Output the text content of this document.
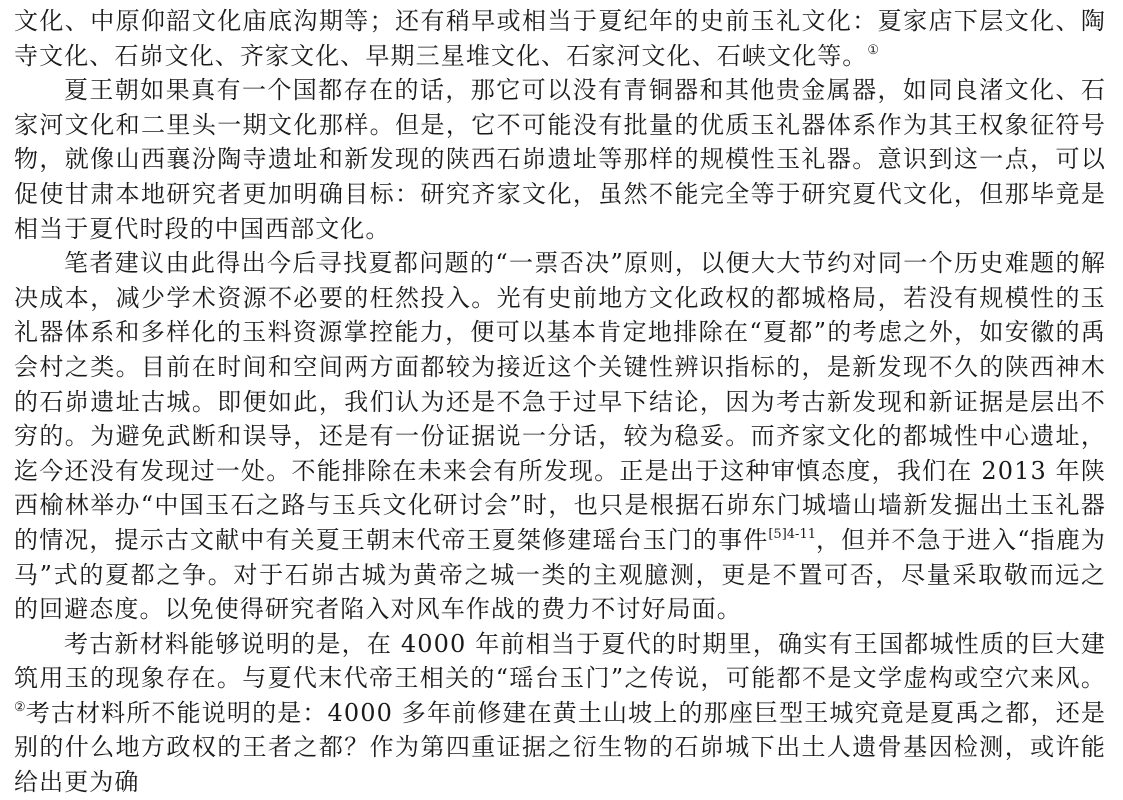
文化、中原仰韶文化庙底沟期等；还有稍早或相当于夏纪年的史前玉礼文化：夏家店下层文化、陶寺文化、石峁文化、齐家文化、早期三星堆文化、石家河文化、石峡文化等。①

夏王朝如果真有一个国都存在的话，那它可以没有青铜器和其他贵金属器，如同良渚文化、石家河文化和二里头一期文化那样。但是，它不可能没有批量的优质玉礼器体系作为其王权象征符号物，就像山西襄汾陶寺遗址和新发现的陕西石峁遗址等那样的规模性玉礼器。意识到这一点，可以促使甘肃本地研究者更加明确目标：研究齐家文化，虽然不能完全等于研究夏代文化，但那毕竟是相当于夏代时段的中国西部文化。

笔者建议由此得出今后寻找夏都问题的“一票否决”原则，以便大大节约对同一个历史难题的解决成本，减少学术资源不必要的枉然投入。光有史前地方文化政权的都城格局，若没有规模性的玉礼器体系和多样化的玉料资源掌控能力，便可以基本肯定地排除在“夏都”的考虑之外，如安徽的禹会村之类。目前在时间和空间两方面都较为接近这个关键性辨识指标的，是新发现不久的陕西神木的石峁遗址古城。即便如此，我们认为还是不急于过早下结论，因为考古新发现和新证据是层出不穷的。为避免武断和误导，还是有一份证据说一分话，较为稳妥。而齐家文化的都城性中心遗址，迄今还没有发现过一处。不能排除在未来会有所发现。正是出于这种审慎态度，我们在 2013 年陕西榆林举办“中国玉石之路与玉兵文化研讨会”时，也只是根据石峁东门城墙山墙新发掘出土玉礼器的情况，提示古文献中有关夏王朝末代帝王夏桀修建瑶台玉门的事件$^{[5]4-11}$，但并不急于进入“指鹿为马”式的夏都之争。对于石峁古城为黄帝之城一类的主观臆测，更是不置可否，尽量采取敬而远之的回避态度。以免使得研究者陷入对风车作战的费力不讨好局面。

考古新材料能够说明的是，在 4000 年前相当于夏代的时期里，确实有王国都城性质的巨大建筑用玉的现象存在。与夏代末代帝王相关的“瑶台玉门”之传说，可能都不是文学虚构或空穴来风。②考古材料所不能说明的是：4000 多年前修建在黄土山坡上的那座巨型王城究竟是夏禹之都，还是别的什么地方政权的王者之都？作为第四重证据之衍生物的石峁城下出土人遗骨基因检测，或许能给出更为确
